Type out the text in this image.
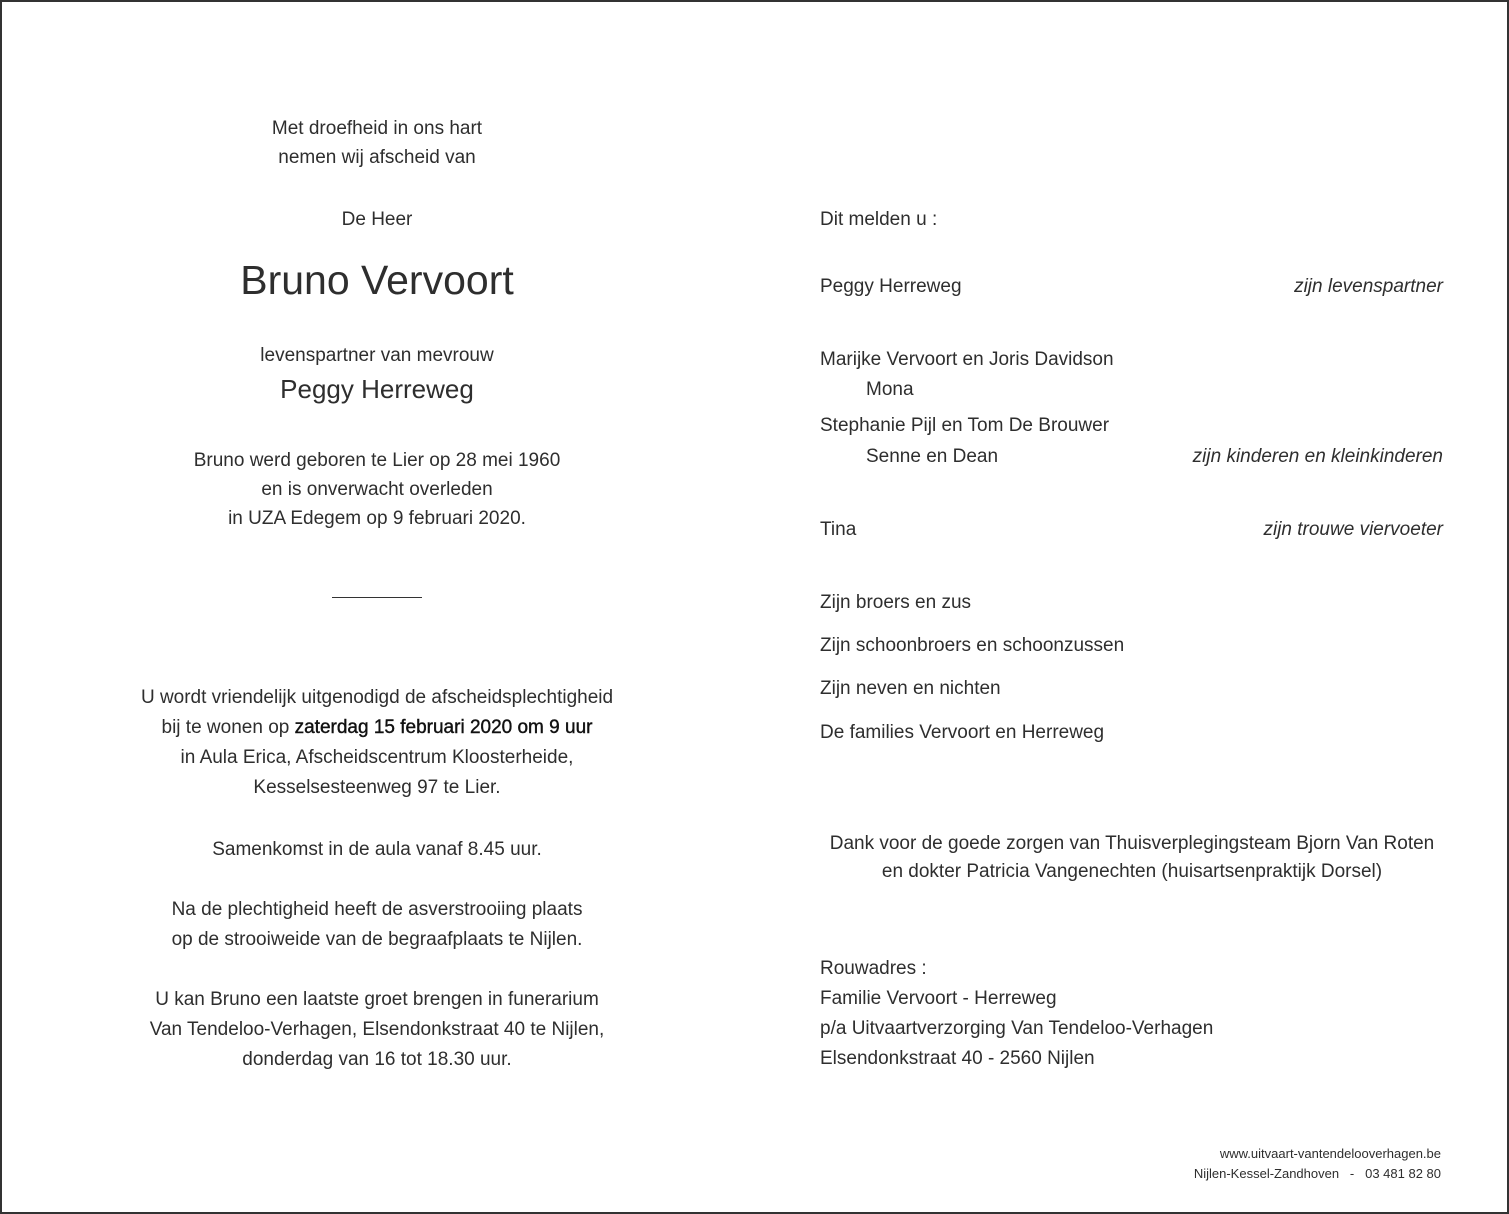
Met droefheid in ons hart
nemen wij afscheid van
De Heer
Bruno Vervoort
levenspartner van mevrouw
Peggy Herreweg
Bruno werd geboren te Lier op 28 mei 1960
en is onverwacht overleden
in UZA Edegem op 9 februari 2020.
U wordt vriendelijk uitgenodigd de afscheidsplechtigheid
bij te wonen op zaterdag 15 februari 2020 om 9 uur
in Aula Erica, Afscheidscentrum Kloosterheide,
Kesselsesteenweg 97 te Lier.
Samenkomst in de aula vanaf 8.45 uur.
Na de plechtigheid heeft de asverstrooiing plaats
op de strooiweide van de begraafplaats te Nijlen.
U kan Bruno een laatste groet brengen in funerarium
Van Tendeloo-Verhagen, Elsendonkstraat 40 te Nijlen,
donderdag van 16 tot 18.30 uur.
Dit melden u :
Peggy Herreweg	zijn levenspartner
Marijke Vervoort en Joris Davidson
Mona
Stephanie Pijl en Tom De Brouwer
Senne en Dean	zijn kinderen en kleinkinderen
Tina	zijn trouwe viervoeter
Zijn broers en zus
Zijn schoonbroers en schoonzussen
Zijn neven en nichten
De families Vervoort en Herreweg
Dank voor de goede zorgen van Thuisverplegingsteam Bjorn Van Roten
en dokter Patricia Vangenechten (huisartsenpraktijk Dorsel)
Rouwadres :
Familie Vervoort - Herreweg
p/a Uitvaartverzorging Van Tendeloo-Verhagen
Elsendonkstraat 40 - 2560 Nijlen
www.uitvaart-vantendelooverhagen.be
Nijlen-Kessel-Zandhoven   -   03 481 82 80
